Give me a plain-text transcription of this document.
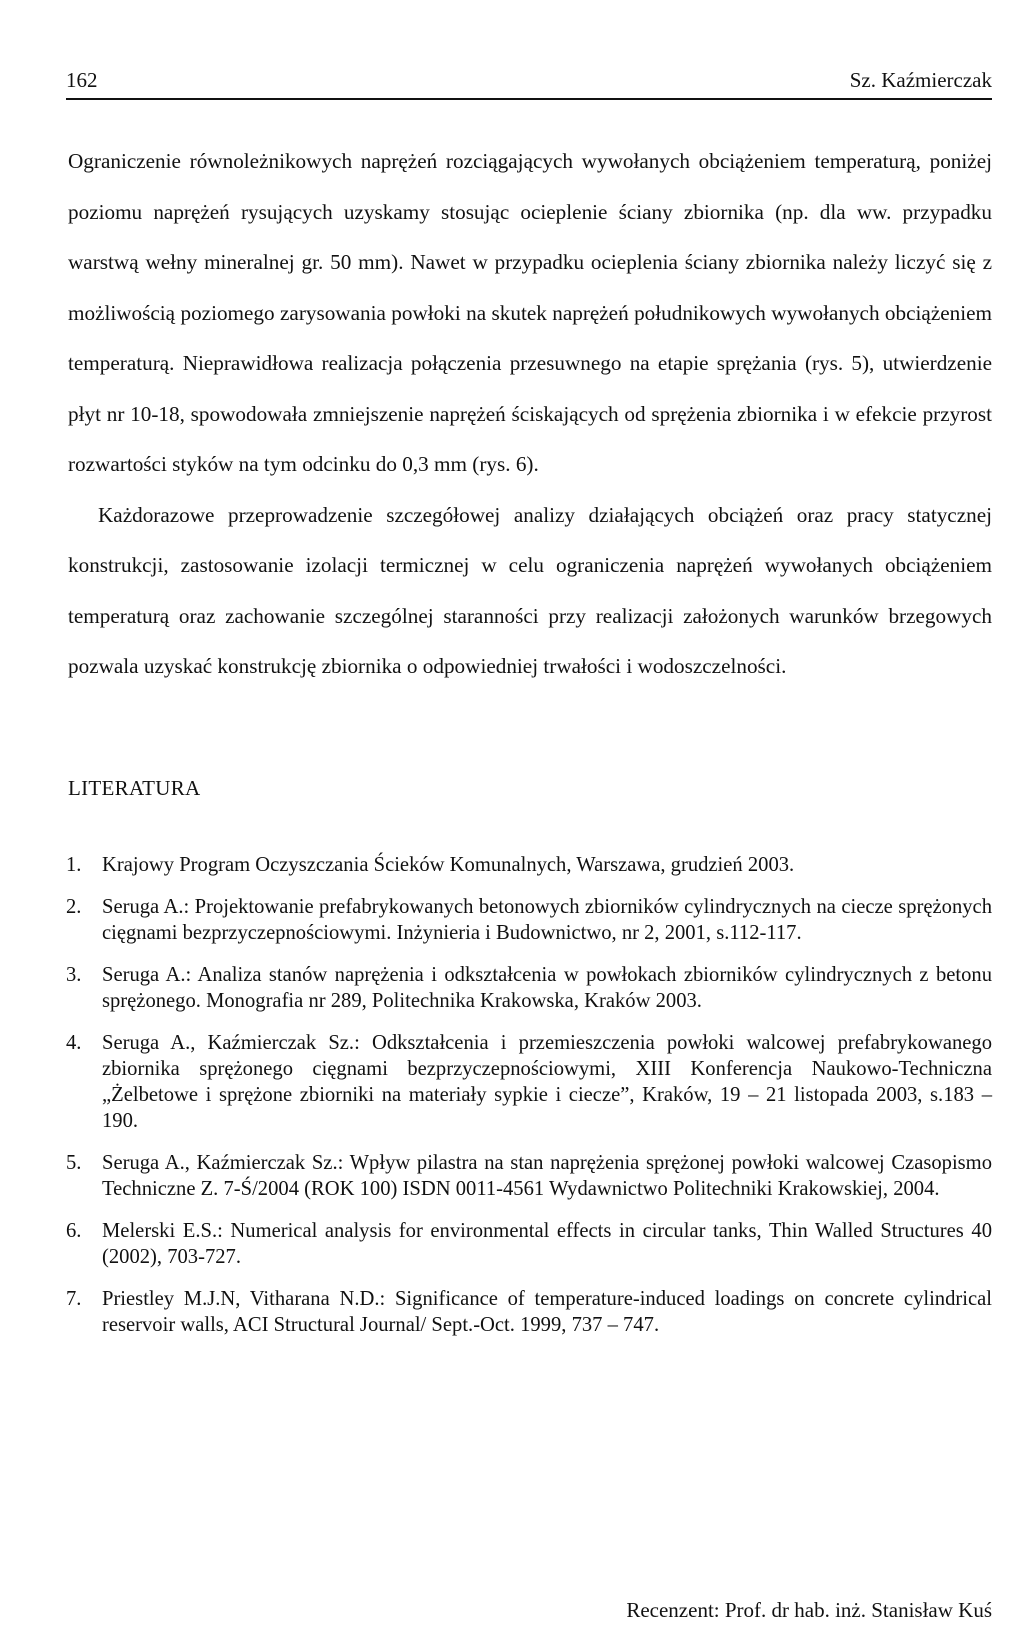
162	Sz. Kaźmierczak

Ograniczenie równoleżnikowych naprężeń rozciągających wywołanych obciążeniem temperaturą, poniżej poziomu naprężeń rysujących uzyskamy stosując ocieplenie ściany zbiornika (np. dla ww. przypadku warstwą wełny mineralnej gr. 50 mm). Nawet w przypadku ocieplenia ściany zbiornika należy liczyć się z możliwością poziomego zarysowania powłoki na skutek naprężeń południkowych wywołanych obciążeniem temperaturą. Nieprawidłowa realizacja połączenia przesuwnego na etapie sprężania (rys. 5), utwierdzenie płyt nr 10-18, spowodowała zmniejszenie naprężeń ściskających od sprężenia zbiornika i w efekcie przyrost rozwartości styków na tym odcinku do 0,3 mm (rys. 6).

Każdorazowe przeprowadzenie szczegółowej analizy działających obciążeń oraz pracy statycznej konstrukcji, zastosowanie izolacji termicznej w celu ograniczenia naprężeń wywołanych obciążeniem temperaturą oraz zachowanie szczególnej staranności przy realizacji założonych warunków brzegowych pozwala uzyskać konstrukcję zbiornika o odpowiedniej trwałości i wodoszczelności.

LITERATURA
1. Krajowy Program Oczyszczania Ścieków Komunalnych, Warszawa, grudzień 2003.
2. Seruga A.: Projektowanie prefabrykowanych betonowych zbiorników cylindrycznych na ciecze sprężonych cięgnami bezprzyczepnościowymi. Inżynieria i Budownictwo, nr 2, 2001, s.112-117.
3. Seruga A.: Analiza stanów naprężenia i odkształcenia w powłokach zbiorników cylindrycznych z betonu sprężonego. Monografia nr 289, Politechnika Krakowska, Kraków 2003.
4. Seruga A., Kaźmierczak Sz.: Odkształcenia i przemieszczenia powłoki walcowej prefabrykowanego zbiornika sprężonego cięgnami bezprzyczepnościowymi, XIII Konferencja Naukowo-Techniczna „Żelbetowe i sprężone zbiorniki na materiały sypkie i ciecze”, Kraków, 19 – 21 listopada 2003, s.183 – 190.
5. Seruga A., Kaźmierczak Sz.: Wpływ pilastra na stan naprężenia sprężonej powłoki walcowej Czasopismo Techniczne Z. 7-Ś/2004 (ROK 100) ISDN 0011-4561 Wydawnictwo Politechniki Krakowskiej, 2004.
6. Melerski E.S.: Numerical analysis for environmental effects in circular tanks, Thin Walled Structures 40 (2002), 703-727.
7. Priestley M.J.N, Vitharana N.D.: Significance of temperature-induced loadings on concrete cylindrical reservoir walls, ACI Structural Journal/ Sept.-Oct. 1999, 737 – 747.
Recenzent: Prof. dr hab. inż. Stanisław Kuś
